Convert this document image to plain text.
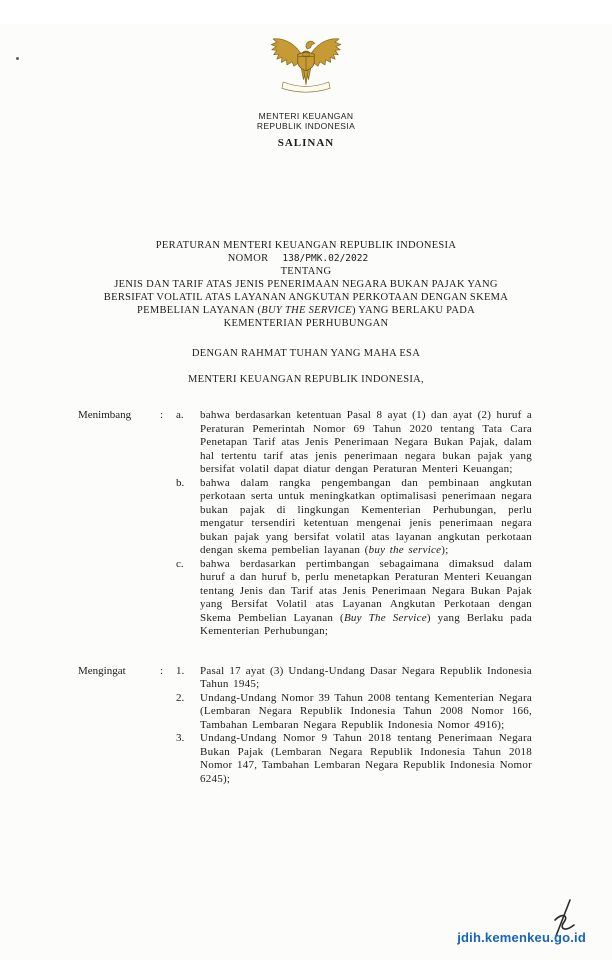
MENTERI KEUANGAN
REPUBLIK INDONESIA
SALINAN
PERATURAN MENTERI KEUANGAN REPUBLIK INDONESIA
NOMOR 138/PMK.02/2022
TENTANG
JENIS DAN TARIF ATAS JENIS PENERIMAAN NEGARA BUKAN PAJAK YANG BERSIFAT VOLATIL ATAS LAYANAN ANGKUTAN PERKOTAAN DENGAN SKEMA PEMBELIAN LAYANAN (BUY THE SERVICE) YANG BERLAKU PADA KEMENTERIAN PERHUBUNGAN
DENGAN RAHMAT TUHAN YANG MAHA ESA
MENTERI KEUANGAN REPUBLIK INDONESIA,
Menimbang	:	a.	bahwa berdasarkan ketentuan Pasal 8 ayat (1) dan ayat (2) huruf a Peraturan Pemerintah Nomor 69 Tahun 2020 tentang Tata Cara Penetapan Tarif atas Jenis Penerimaan Negara Bukan Pajak, dalam hal tertentu tarif atas jenis penerimaan negara bukan pajak yang bersifat volatil dapat diatur dengan Peraturan Menteri Keuangan;
b.	bahwa dalam rangka pengembangan dan pembinaan angkutan perkotaan serta untuk meningkatkan optimalisasi penerimaan negara bukan pajak di lingkungan Kementerian Perhubungan, perlu mengatur tersendiri ketentuan mengenai jenis penerimaan negara bukan pajak yang bersifat volatil atas layanan angkutan perkotaan dengan skema pembelian layanan (buy the service);
c.	bahwa berdasarkan pertimbangan sebagaimana dimaksud dalam huruf a dan huruf b, perlu menetapkan Peraturan Menteri Keuangan tentang Jenis dan Tarif atas Jenis Penerimaan Negara Bukan Pajak yang Bersifat Volatil atas Layanan Angkutan Perkotaan dengan Skema Pembelian Layanan (Buy The Service) yang Berlaku pada Kementerian Perhubungan;
Mengingat	:	1.	Pasal 17 ayat (3) Undang-Undang Dasar Negara Republik Indonesia Tahun 1945;
2.	Undang-Undang Nomor 39 Tahun 2008 tentang Kementerian Negara (Lembaran Negara Republik Indonesia Tahun 2008 Nomor 166, Tambahan Lembaran Negara Republik Indonesia Nomor 4916);
3.	Undang-Undang Nomor 9 Tahun 2018 tentang Penerimaan Negara Bukan Pajak (Lembaran Negara Republik Indonesia Tahun 2018 Nomor 147, Tambahan Lembaran Negara Republik Indonesia Nomor 6245);
jdih.kemenkeu.go.id
